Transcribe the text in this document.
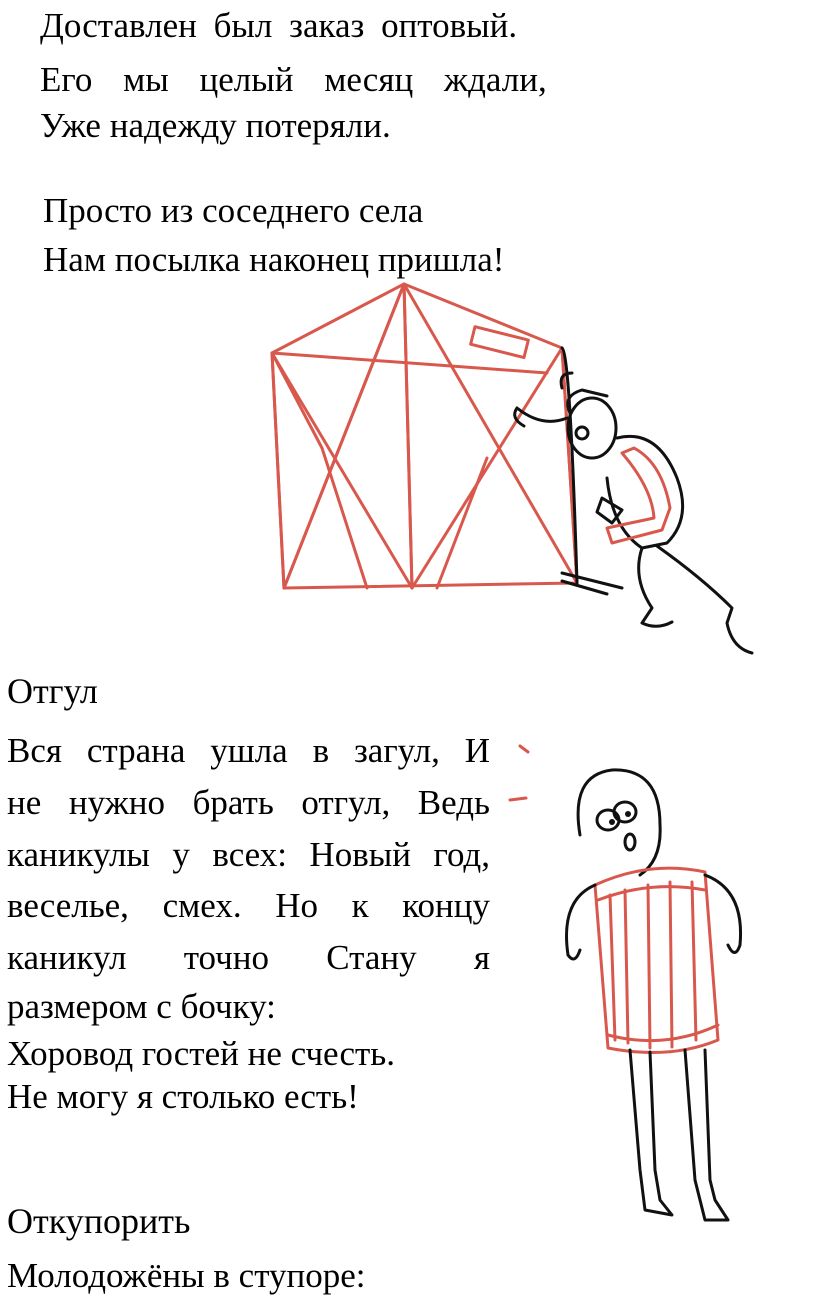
Доставлен был заказ оптовый.
Его мы целый месяц ждали,
Уже надежду потеряли.
Просто из соседнего села
Нам посылка наконец пришла!
Отгул
Вся страна ушла в загул, И
не нужно брать отгул, Ведь
каникулы у всех: Новый год,
веселье, смех. Но к концу
каникул точно Стану я
размером с бочку:
Хоровод гостей не счесть.
Не могу я столько есть!
Откупорить
Молодожёны в ступоре:
